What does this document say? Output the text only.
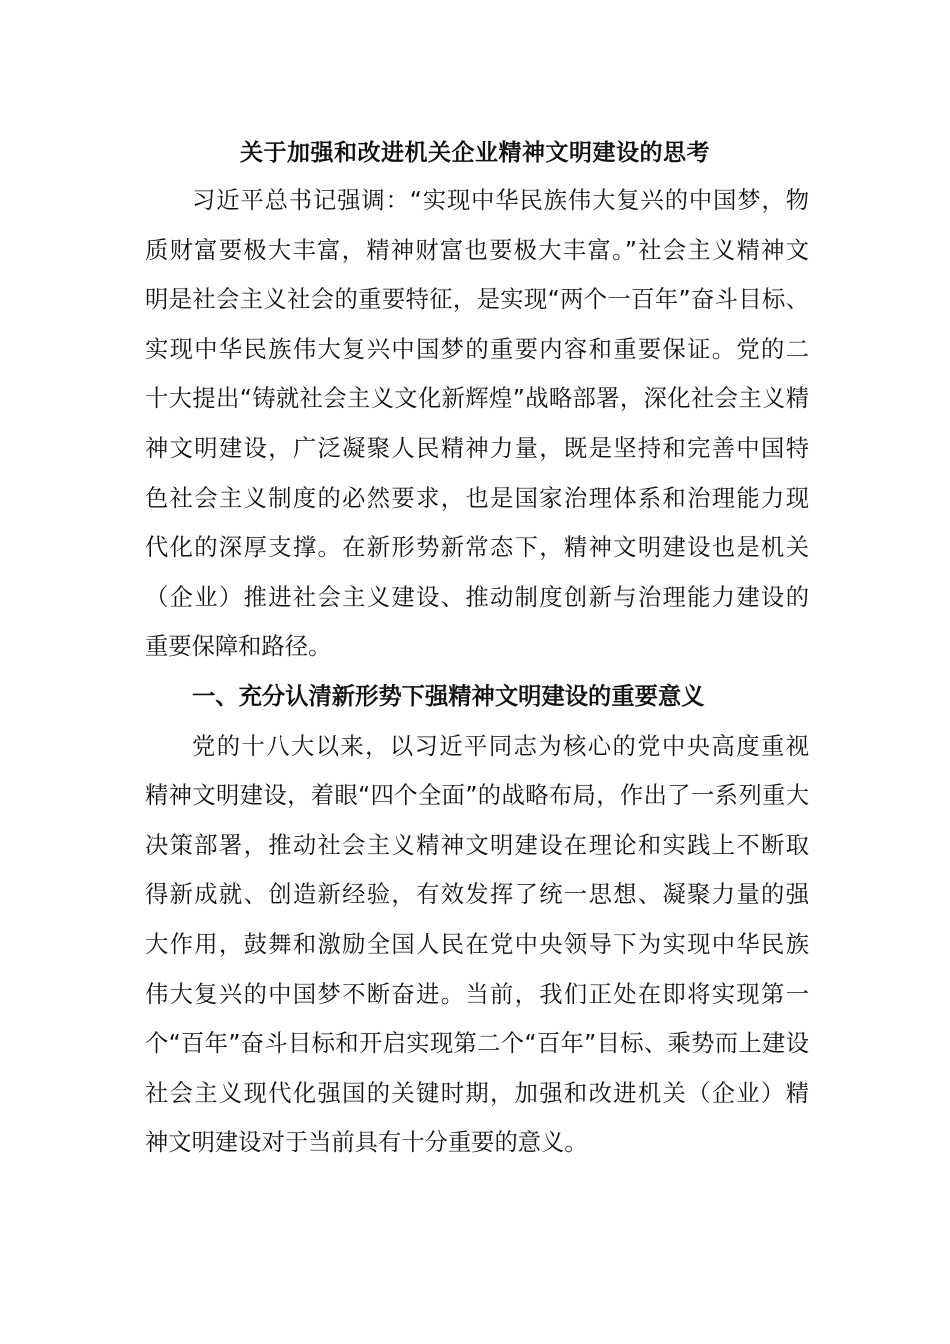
关于加强和改进机关企业精神文明建设的思考
习近平总书记强调：“实现中华民族伟大复兴的中国梦，物
质财富要极大丰富，精神财富也要极大丰富。”社会主义精神文
明是社会主义社会的重要特征，是实现“两个一百年”奋斗目标、
实现中华民族伟大复兴中国梦的重要内容和重要保证。党的二
十大提出“铸就社会主义文化新辉煌”战略部署，深化社会主义精
神文明建设，广泛凝聚人民精神力量，既是坚持和完善中国特
色社会主义制度的必然要求，也是国家治理体系和治理能力现
代化的深厚支撑。在新形势新常态下，精神文明建设也是机关
（企业）推进社会主义建设、推动制度创新与治理能力建设的
重要保障和路径。
一、充分认清新形势下强精神文明建设的重要意义
党的十八大以来，以习近平同志为核心的党中央高度重视
精神文明建设，着眼“四个全面”的战略布局，作出了一系列重大
决策部署，推动社会主义精神文明建设在理论和实践上不断取
得新成就、创造新经验，有效发挥了统一思想、凝聚力量的强
大作用，鼓舞和激励全国人民在党中央领导下为实现中华民族
伟大复兴的中国梦不断奋进。当前，我们正处在即将实现第一
个“百年”奋斗目标和开启实现第二个“百年”目标、乘势而上建设
社会主义现代化强国的关键时期，加强和改进机关（企业）精
神文明建设对于当前具有十分重要的意义。
